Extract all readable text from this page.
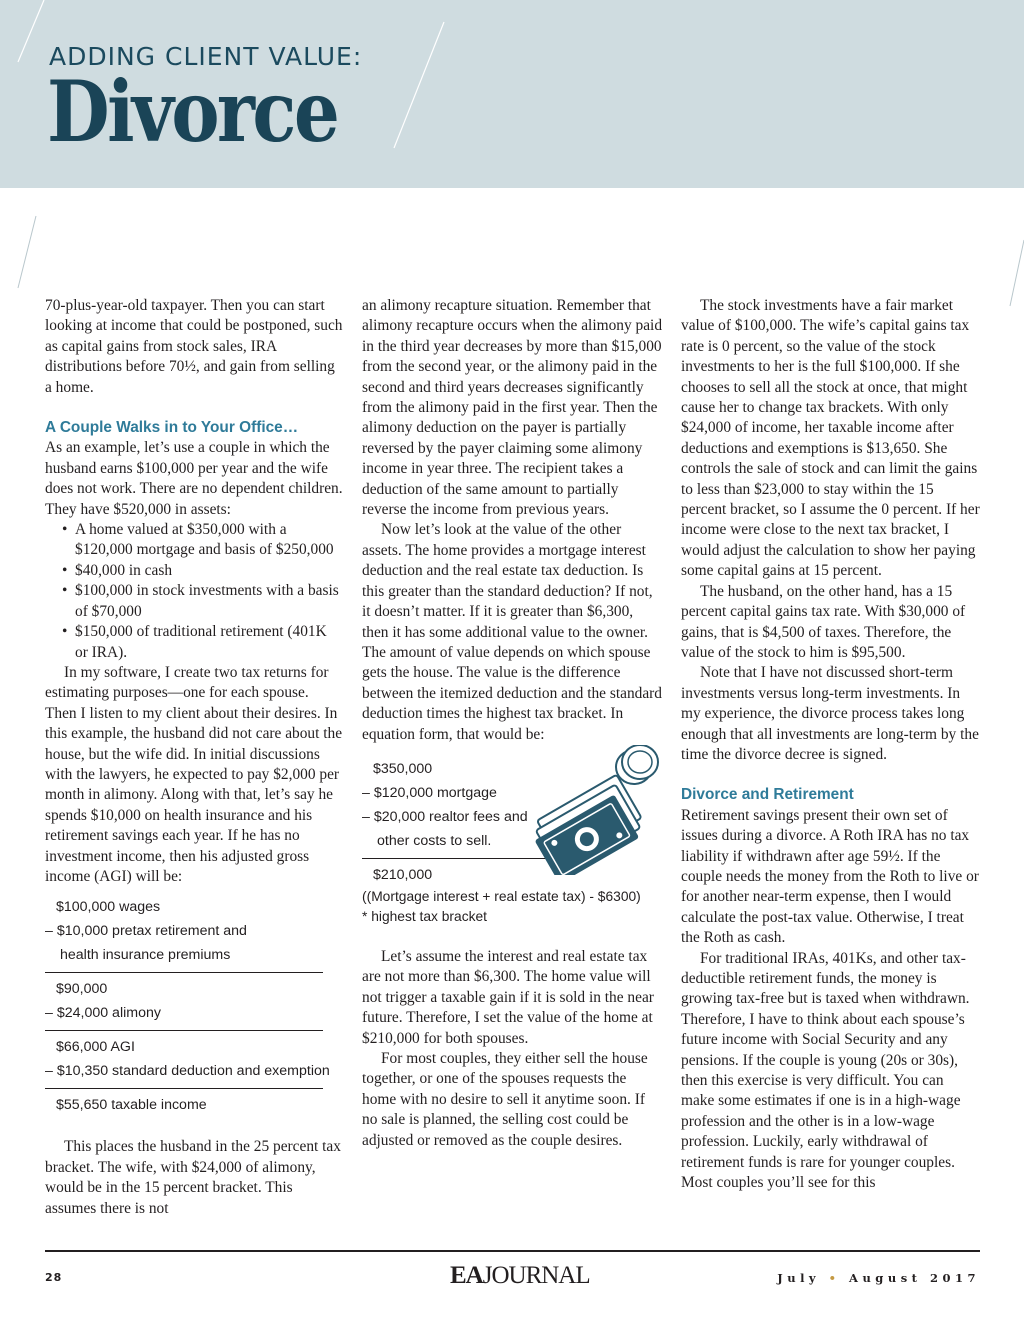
ADDING CLIENT VALUE:
Divorce

70-plus-year-old taxpayer. Then you can start looking at income that could be postponed, such as capital gains from stock sales, IRA distributions before 70½, and gain from selling a home.

A Couple Walks in to Your Office…

As an example, let’s use a couple in which the husband earns $100,000 per year and the wife does not work. There are no dependent children. They have $520,000 in assets:

• A home valued at $350,000 with a $120,000 mortgage and basis of $250,000
• $40,000 in cash
• $100,000 in stock investments with a basis of $70,000
• $150,000 of traditional retirement (401K or IRA).

In my software, I create two tax returns for estimating purposes—one for each spouse. Then I listen to my client about their desires. In this example, the husband did not care about the house, but the wife did. In initial discussions with the lawyers, he expected to pay $2,000 per month in alimony. Along with that, let’s say he spends $10,000 on health insurance and his retirement savings each year. If he has no investment income, then his adjusted gross income (AGI) will be:

$100,000 wages
– $10,000 pretax retirement and
health insurance premiums
$90,000
– $24,000 alimony
$66,000 AGI
– $10,350 standard deduction and exemption
$55,650 taxable income

This places the husband in the 25 percent tax bracket. The wife, with $24,000 of alimony, would be in the 15 percent bracket. This assumes there is not

an alimony recapture situation. Remember that alimony recapture occurs when the alimony paid in the third year decreases by more than $15,000 from the second year, or the alimony paid in the second and third years decreases significantly from the alimony paid in the first year. Then the alimony deduction on the payer is partially reversed by the payer claiming some alimony income in year three. The recipient takes a deduction of the same amount to partially reverse the income from previous years.

Now let’s look at the value of the other assets. The home provides a mortgage interest deduction and the real estate tax deduction. Is this greater than the standard deduction? If not, it doesn’t matter. If it is greater than $6,300, then it has some additional value to the owner. The amount of value depends on which spouse gets the house. The value is the difference between the itemized deduction and the standard deduction times the highest tax bracket. In equation form, that would be:

$350,000
– $120,000 mortgage
– $20,000 realtor fees and
other costs to sell.
$210,000
((Mortgage interest + real estate tax) - $6300)
* highest tax bracket

Let’s assume the interest and real estate tax are not more than $6,300. The home value will not trigger a taxable gain if it is sold in the near future. Therefore, I set the value of the home at $210,000 for both spouses.

For most couples, they either sell the house together, or one of the spouses requests the home with no desire to sell it anytime soon. If no sale is planned, the selling cost could be adjusted or removed as the couple desires.

The stock investments have a fair market value of $100,000. The wife’s capital gains tax rate is 0 percent, so the value of the stock investments to her is the full $100,000. If she chooses to sell all the stock at once, that might cause her to change tax brackets. With only $24,000 of income, her taxable income after deductions and exemptions is $13,650. She controls the sale of stock and can limit the gains to less than $23,000 to stay within the 15 percent bracket, so I assume the 0 percent. If her income were close to the next tax bracket, I would adjust the calculation to show her paying some capital gains at 15 percent.

The husband, on the other hand, has a 15 percent capital gains tax rate. With $30,000 of gains, that is $4,500 of taxes. Therefore, the value of the stock to him is $95,500.

Note that I have not discussed short-term investments versus long-term investments. In my experience, the divorce process takes long enough that all investments are long-term by the time the divorce decree is signed.

Divorce and Retirement

Retirement savings present their own set of issues during a divorce. A Roth IRA has no tax liability if withdrawn after age 59½. If the couple needs the money from the Roth to live or for another near-term expense, then I would calculate the post-tax value. Otherwise, I treat the Roth as cash.

For traditional IRAs, 401Ks, and other tax-deductible retirement funds, the money is growing tax-free but is taxed when withdrawn. Therefore, I have to think about each spouse’s future income with Social Security and any pensions. If the couple is young (20s or 30s), then this exercise is very difficult. You can make some estimates if one is in a high-wage profession and the other is in a low-wage profession. Luckily, early withdrawal of retirement funds is rare for younger couples. Most couples you’ll see for this

28	EAJOURNAL	July • August 2017
